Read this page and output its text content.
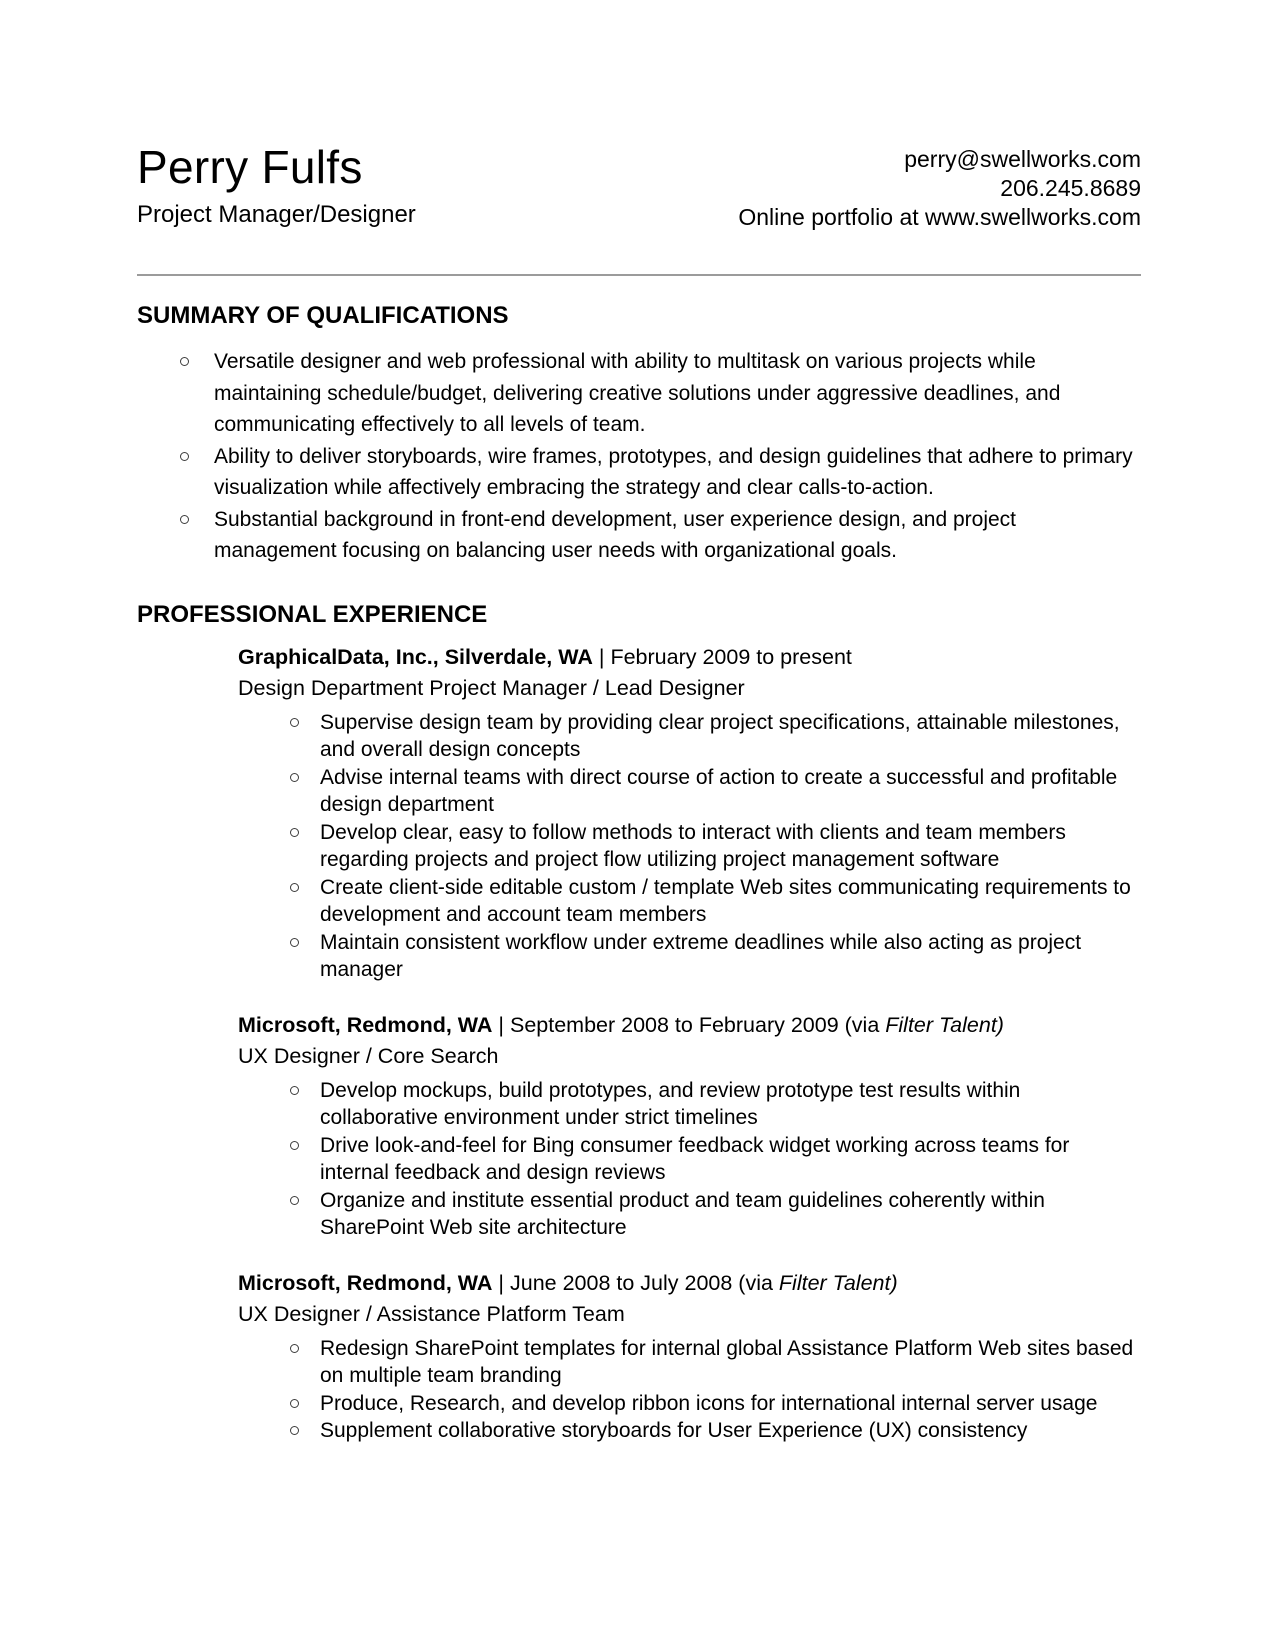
Perry Fulfs
Project Manager/Designer
perry@swellworks.com
206.245.8689
Online portfolio at www.swellworks.com
SUMMARY OF QUALIFICATIONS
Versatile designer and web professional with ability to multitask on various projects while maintaining schedule/budget, delivering creative solutions under aggressive deadlines, and communicating effectively to all levels of team.
Ability to deliver storyboards, wire frames, prototypes, and design guidelines that adhere to primary visualization while affectively embracing the strategy and clear calls-to-action.
Substantial background in front-end development, user experience design, and project management focusing on balancing user needs with organizational goals.
PROFESSIONAL EXPERIENCE
GraphicalData, Inc., Silverdale, WA | February 2009 to present
Design Department Project Manager / Lead Designer
Supervise design team by providing clear project specifications, attainable milestones, and overall design concepts
Advise internal teams with direct course of action to create a successful and profitable design department
Develop clear, easy to follow methods to interact with clients and team members regarding projects and project flow utilizing project management software
Create client-side editable custom / template Web sites communicating requirements to development and account team members
Maintain consistent workflow under extreme deadlines while also acting as project manager
Microsoft, Redmond, WA | September 2008 to February 2009 (via Filter Talent)
UX Designer / Core Search
Develop mockups, build prototypes, and review prototype test results within collaborative environment under strict timelines
Drive look-and-feel for Bing consumer feedback widget working across teams for internal feedback and design reviews
Organize and institute essential product and team guidelines coherently within SharePoint Web site architecture
Microsoft, Redmond, WA | June 2008 to July 2008 (via Filter Talent)
UX Designer / Assistance Platform Team
Redesign SharePoint templates for internal global Assistance Platform Web sites based on multiple team branding
Produce, Research, and develop ribbon icons for international internal server usage
Supplement collaborative storyboards for User Experience (UX) consistency
